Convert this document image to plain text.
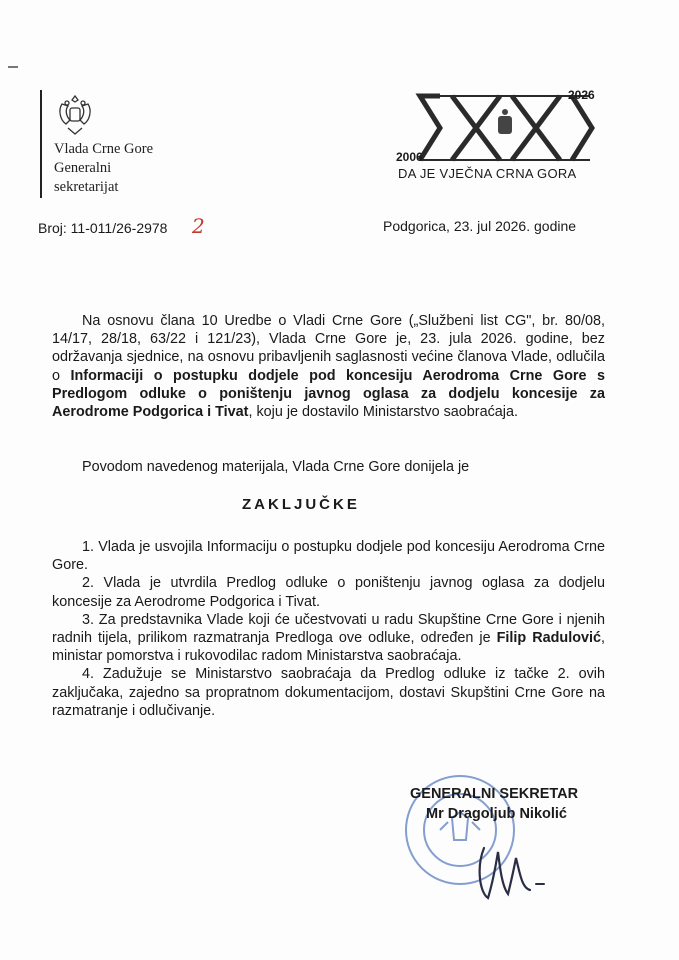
Vlada Crne Gore
Generalni
sekretarijat
2006
2026
DA JE VJEČNA CRNA GORA
Broj: 11-011/26-2978 2	Podgorica, 23. jul 2026. godine
Na osnovu člana 10 Uredbe o Vladi Crne Gore („Službeni list CG", br. 80/08, 14/17, 28/18, 63/22 i 121/23), Vlada Crne Gore je, 23. jula 2026. godine, bez održavanja sjednice, na osnovu pribavljenih saglasnosti većine članova Vlade, odlučila o Informaciji o postupku dodjele pod koncesiju Aerodroma Crne Gore s Predlogom odluke o poništenju javnog oglasa za dodjelu koncesije za Aerodrome Podgorica i Tivat, koju je dostavilo Ministarstvo saobraćaja.
Povodom navedenog materijala, Vlada Crne Gore donijela je
ZAKLJUČKE

1. Vlada je usvojila Informaciju o postupku dodjele pod koncesiju Aerodroma Crne Gore.

2. Vlada je utvrdila Predlog odluke o poništenju javnog oglasa za dodjelu koncesije za Aerodrome Podgorica i Tivat.

3. Za predstavnika Vlade koji će učestvovati u radu Skupštine Crne Gore i njenih radnih tijela, prilikom razmatranja Predloga ove odluke, određen je Filip Radulović, ministar pomorstva i rukovodilac radom Ministarstva saobraćaja.

4. Zadužuje se Ministarstvo saobraćaja da Predlog odluke iz tačke 2. ovih zaključaka, zajedno sa propratnom dokumentacijom, dostavi Skupštini Crne Gore na razmatranje i odlučivanje.

GENERALNI SEKRETAR
Mr Dragoljub Nikolić
